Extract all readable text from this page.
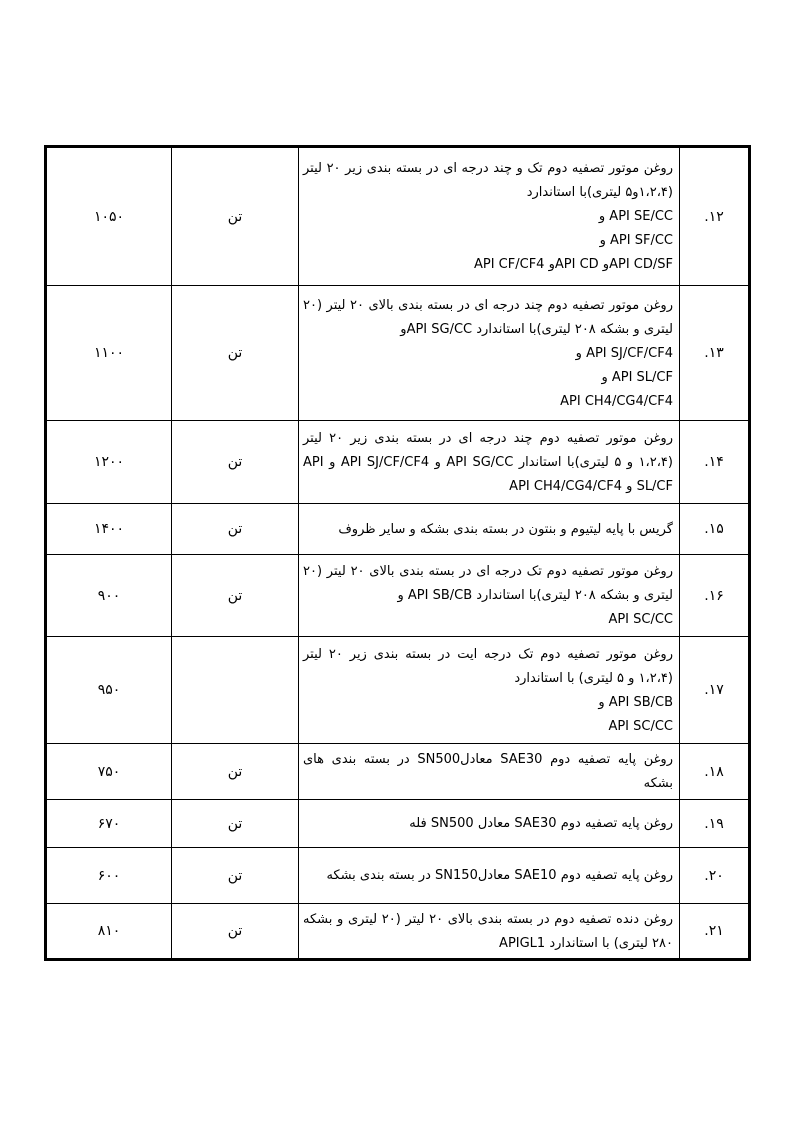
۱۲.	روغن موتور تصفیه دوم تک و چند درجه ای در بسته بندی زیر ۲۰ لیتر (۱،۲،۴و۵ لیتری)با استاندارد
API SE/CC و
API SF/CC و
API CD/SFو API CDو API CF/CF4	تن	۱۰۵۰
۱۳.	روغن موتور تصفیه دوم چند درجه ای در بسته بندی بالای ۲۰ لیتر (۲۰ لیتری و بشکه ۲۰۸ لیتری)با استاندارد API SG/CCو
API SJ/CF/CF4 و
API SL/CF و
API CH4/CG4/CF4	تن	۱۱۰۰
۱۴.	روغن موتور تصفیه دوم چند درجه ای در بسته بندی زیر ۲۰ لیتر (۱،۲،۴ و ۵ لیتری)با استاندار API SG/CC و API SJ/CF/CF4 و API SL/CF و API CH4/CG4/CF4	تن	۱۲۰۰
۱۵.	گریس با پایه لیتیوم و بنتون در بسته بندی بشکه و سایر ظروف	تن	۱۴۰۰
۱۶.	روغن موتور تصفیه دوم تک درجه ای در بسته بندی بالای ۲۰ لیتر (۲۰ لیتری و بشکه ۲۰۸ لیتری)با استاندارد API SB/CB و
API SC/CC	تن	۹۰۰
۱۷.	روغن موتور تصفیه دوم تک درجه ایت در بسته بندی زیر ۲۰ لیتر (۱،۲،۴ و ۵ لیتری) با استاندارد
API SB/CB و
API SC/CC		۹۵۰
۱۸.	روغن پایه تصفیه دوم SAE30 معادلSN500 در بسته بندی های بشکه	تن	۷۵۰
۱۹.	روغن پایه تصفیه دوم SAE30 معادل SN500 فله	تن	۶۷۰
۲۰.	روغن پایه تصفیه دوم SAE10 معادلSN150 در بسته بندی بشکه	تن	۶۰۰
۲۱.	روغن دنده تصفیه دوم در بسته بندی بالای ۲۰ لیتر (۲۰ لیتری و بشکه ۲۸۰ لیتری) با استاندارد APIGL1	تن	۸۱۰
